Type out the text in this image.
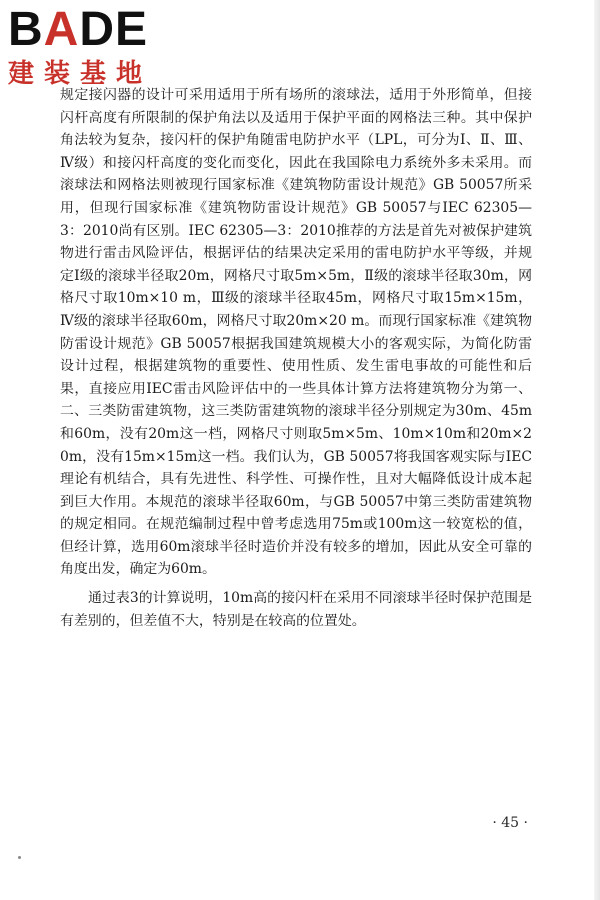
BADE
建装基地

规定接闪器的设计可采用适用于所有场所的滚球法，适用于外形简单，但接闪杆高度有所限制的保护角法以及适用于保护平面的网格法三种。其中保护角法较为复杂，接闪杆的保护角随雷电防护水平（LPL，可分为Ⅰ、Ⅱ、Ⅲ、Ⅳ级）和接闪杆高度的变化而变化，因此在我国除电力系统外多未采用。而滚球法和网格法则被现行国家标准《建筑物防雷设计规范》GB 50057所采用，但现行国家标准《建筑物防雷设计规范》GB 50057与IEC 62305—3：2010尚有区别。IEC 62305—3：2010推荐的方法是首先对被保护建筑物进行雷击风险评估，根据评估的结果决定采用的雷电防护水平等级，并规定Ⅰ级的滚球半径取20m，网格尺寸取5m×5m，Ⅱ级的滚球半径取30m，网格尺寸取10m×10 m，Ⅲ级的滚球半径取45m，网格尺寸取15m×15m，Ⅳ级的滚球半径取60m，网格尺寸取20m×20 m。而现行国家标准《建筑物防雷设计规范》GB 50057根据我国建筑规模大小的客观实际，为简化防雷设计过程，根据建筑物的重要性、使用性质、发生雷电事故的可能性和后果，直接应用IEC雷击风险评估中的一些具体计算方法将建筑物分为第一、二、三类防雷建筑物，这三类防雷建筑物的滚球半径分别规定为30m、45m和60m，没有20m这一档，网格尺寸则取5m×5m、10m×10m和20m×20m，没有15m×15m这一档。我们认为，GB 50057将我国客观实际与IEC理论有机结合，具有先进性、科学性、可操作性，且对大幅降低设计成本起到巨大作用。本规范的滚球半径取60m，与GB 50057中第三类防雷建筑物的规定相同。在规范编制过程中曾考虑选用75m或100m这一较宽松的值，但经计算，选用60m滚球半径时造价并没有较多的增加，因此从安全可靠的角度出发，确定为60m。

通过表3的计算说明，10m高的接闪杆在采用不同滚球半径时保护范围是有差别的，但差值不大，特别是在较高的位置处。

· 45 ·
